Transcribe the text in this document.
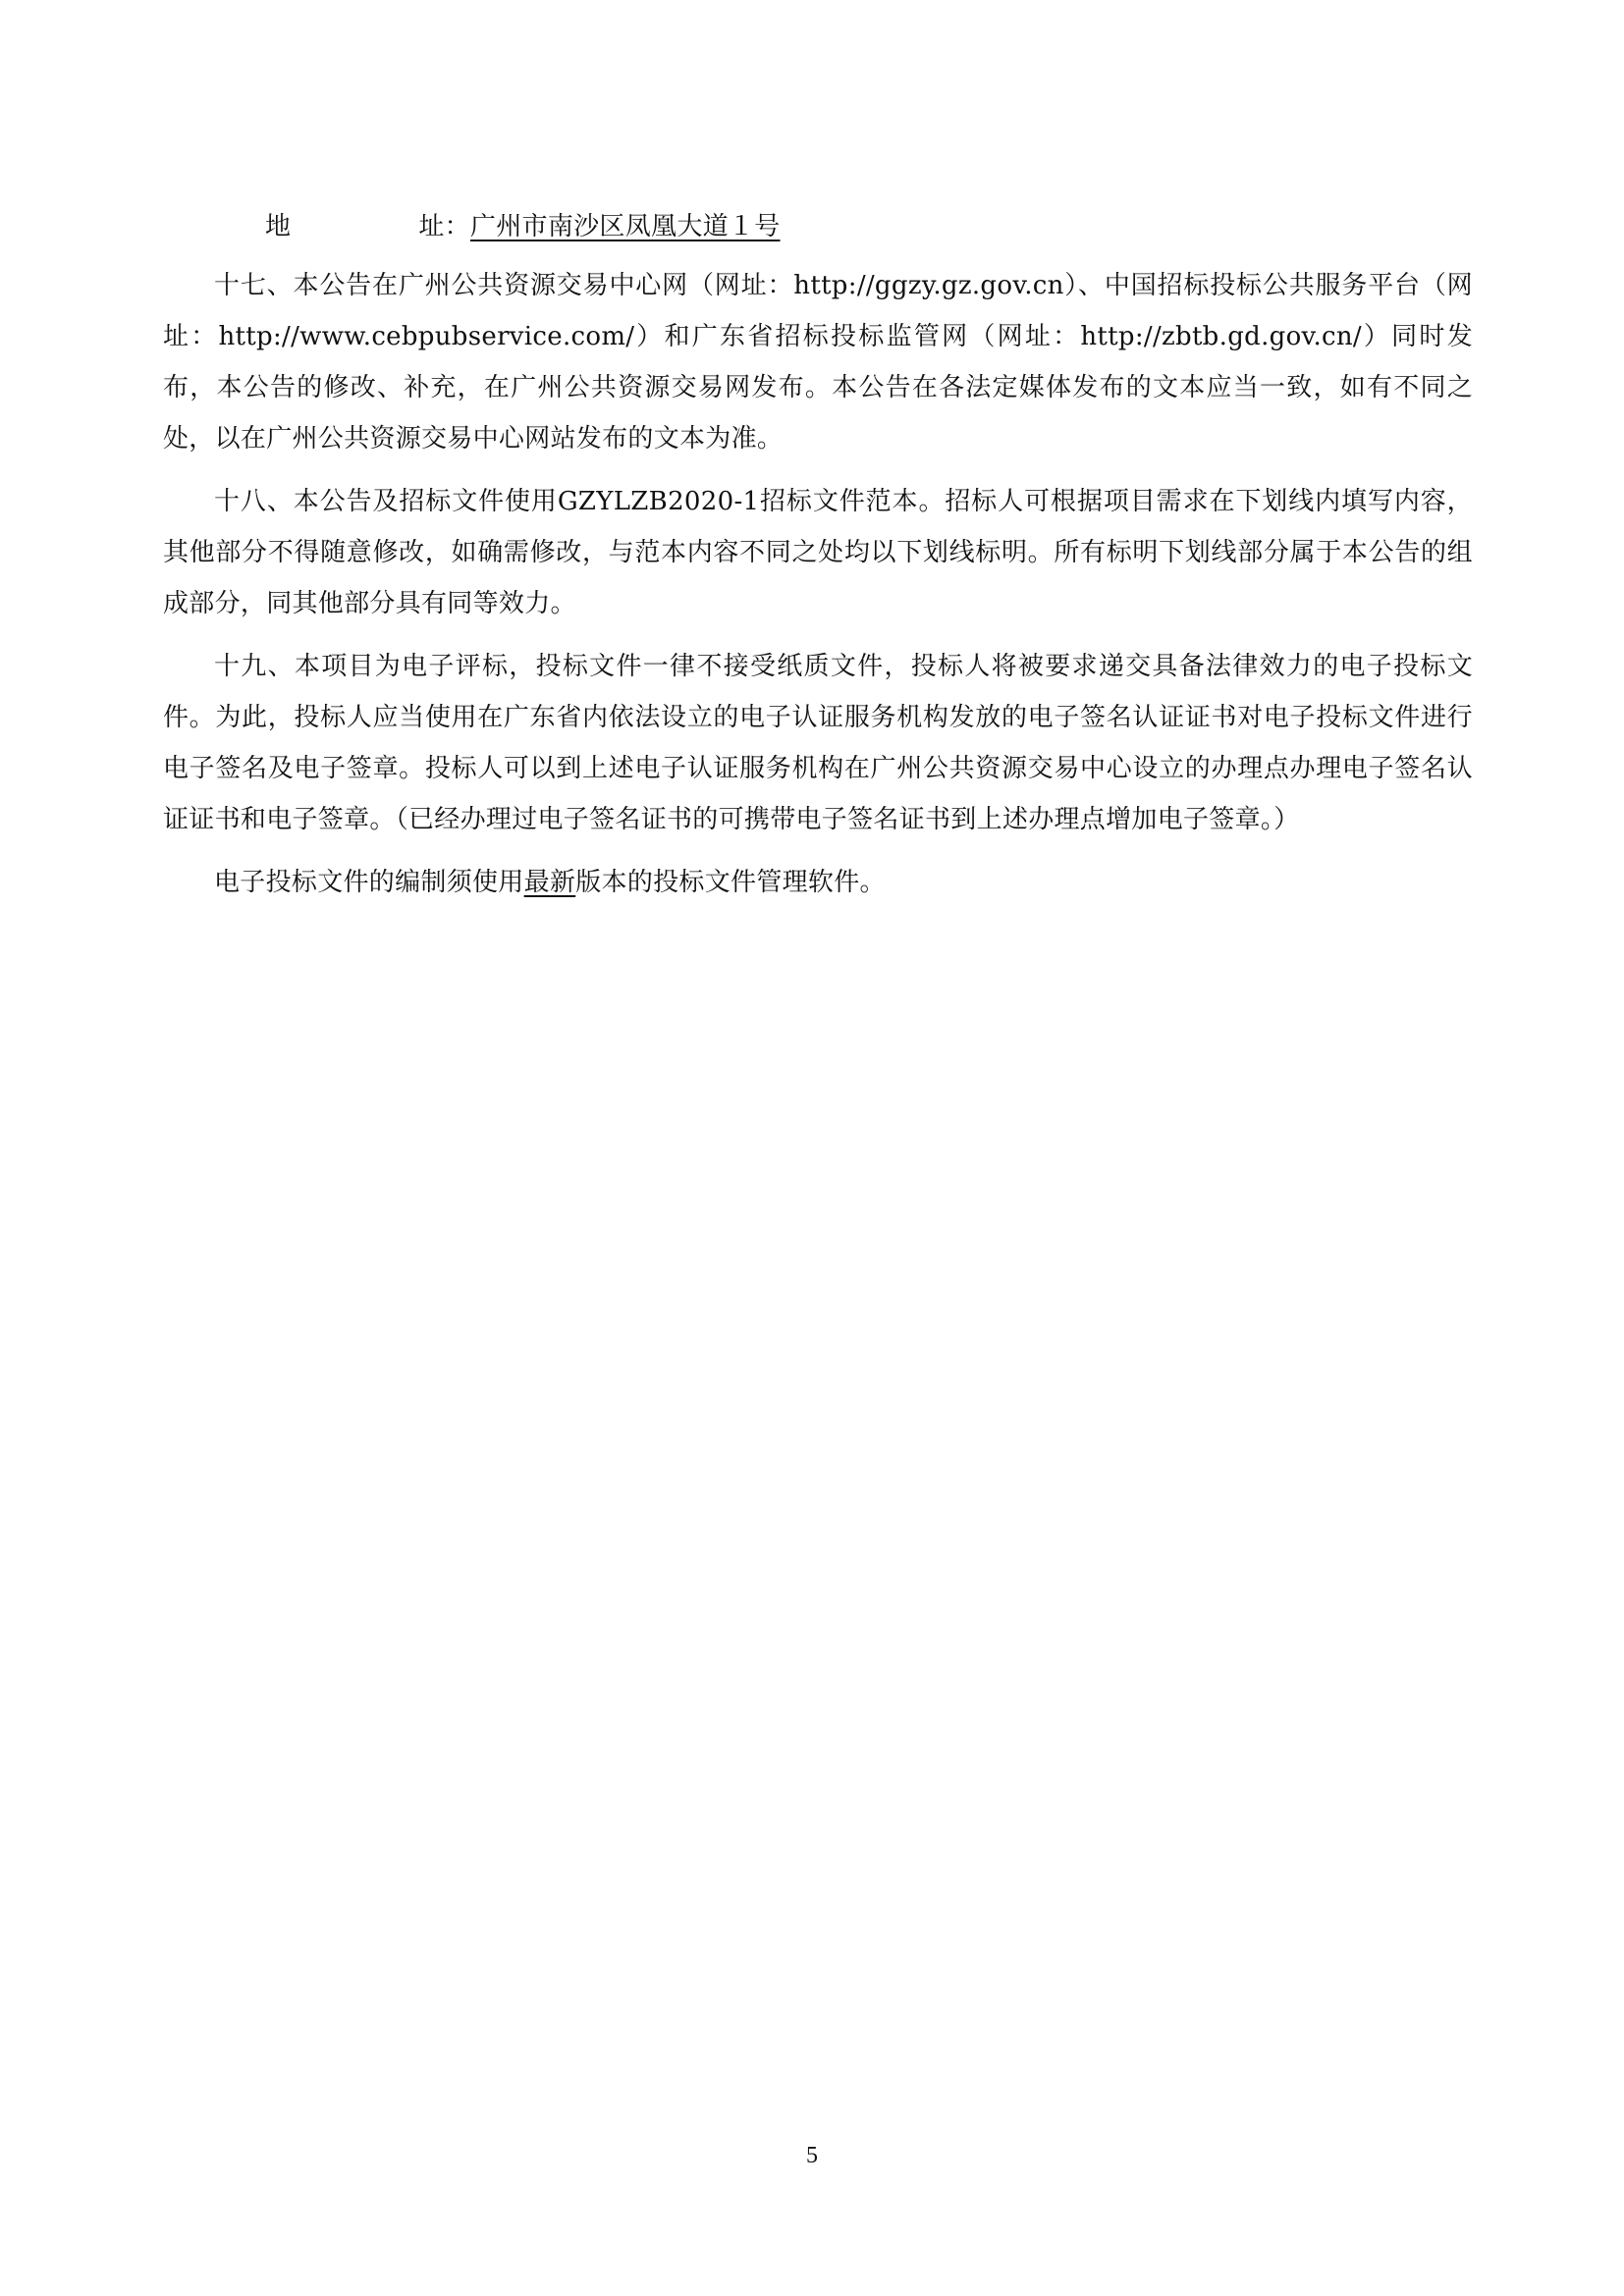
地	址：广州市南沙区凤凰大道１号

十七、本公告在广州公共资源交易中心网（网址：http://ggzy.gz.gov.cn）、中国招标投标公共服务平台（网址：http://www.cebpubservice.com/）和广东省招标投标监管网（网址：http://zbtb.gd.gov.cn/）同时发布，本公告的修改、补充，在广州公共资源交易网发布。本公告在各法定媒体发布的文本应当一致，如有不同之处，以在广州公共资源交易中心网站发布的文本为准。

十八、本公告及招标文件使用GZYLZB2020-1招标文件范本。招标人可根据项目需求在下划线内填写内容，其他部分不得随意修改，如确需修改，与范本内容不同之处均以下划线标明。所有标明下划线部分属于本公告的组成部分，同其他部分具有同等效力。

十九、本项目为电子评标，投标文件一律不接受纸质文件，投标人将被要求递交具备法律效力的电子投标文件。为此，投标人应当使用在广东省内依法设立的电子认证服务机构发放的电子签名认证证书对电子投标文件进行电子签名及电子签章。投标人可以到上述电子认证服务机构在广州公共资源交易中心设立的办理点办理电子签名认证证书和电子签章。（已经办理过电子签名证书的可携带电子签名证书到上述办理点增加电子签章。）

电子投标文件的编制须使用最新版本的投标文件管理软件。

5
